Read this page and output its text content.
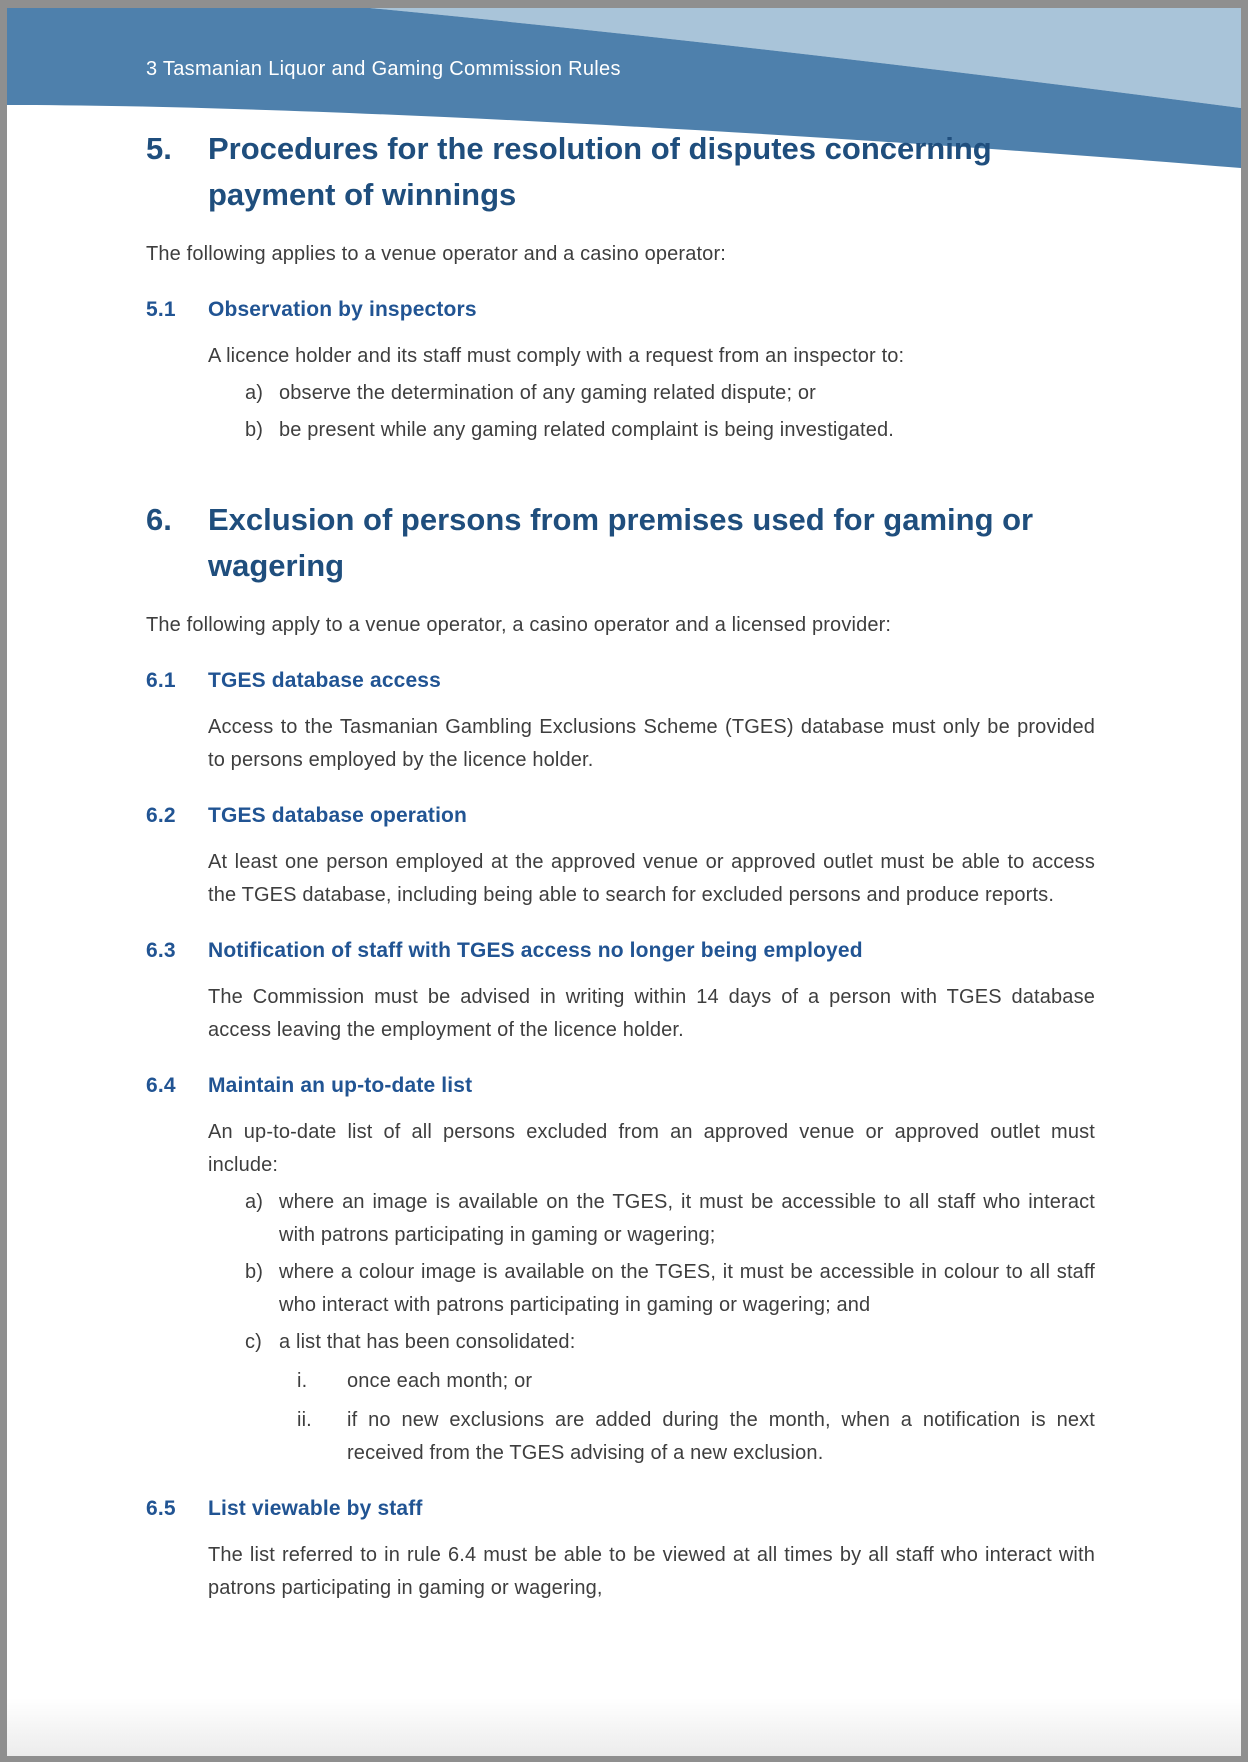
3 Tasmanian Liquor and Gaming Commission Rules
5.	Procedures for the resolution of disputes concerning payment of winnings

The following applies to a venue operator and a casino operator:

5.1	Observation by inspectors

A licence holder and its staff must comply with a request from an inspector to:

a) observe the determination of any gaming related dispute; or
b) be present while any gaming related complaint is being investigated.
6.	Exclusion of persons from premises used for gaming or wagering

The following apply to a venue operator, a casino operator and a licensed provider:

6.1	TGES database access

Access to the Tasmanian Gambling Exclusions Scheme (TGES) database must only be provided to persons employed by the licence holder.

6.2	TGES database operation

At least one person employed at the approved venue or approved outlet must be able to access the TGES database, including being able to search for excluded persons and produce reports.

6.3	Notification of staff with TGES access no longer being employed

The Commission must be advised in writing within 14 days of a person with TGES database access leaving the employment of the licence holder.

6.4	Maintain an up-to-date list

An up-to-date list of all persons excluded from an approved venue or approved outlet must include:

a) where an image is available on the TGES, it must be accessible to all staff who interact with patrons participating in gaming or wagering;
b) where a colour image is available on the TGES, it must be accessible in colour to all staff who interact with patrons participating in gaming or wagering; and
c) a list that has been consolidated:
i.	once each month; or
ii.	if no new exclusions are added during the month, when a notification is next received from the TGES advising of a new exclusion.
6.5	List viewable by staff

The list referred to in rule 6.4 must be able to be viewed at all times by all staff who interact with patrons participating in gaming or wagering,
